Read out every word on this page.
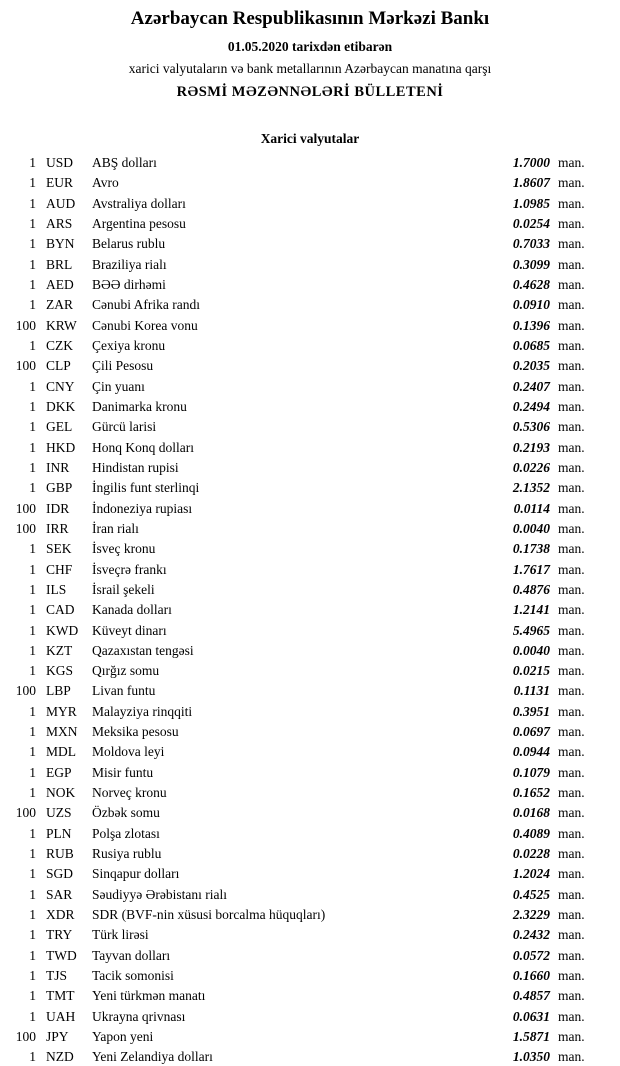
Azərbaycan Respublikasının Mərkəzi Bankı
01.05.2020 tarixdən etibarən
xarici valyutaların və bank metallarının Azərbaycan manatına qarşı
RƏSMİ MƏZƏNNƏLƏRİ BÜLLETENİ
Xarici valyutalar
1 USD	ABŞ dolları	1.7000 man.
1 EUR	Avro	1.8607 man.
1 AUD	Avstraliya dolları	1.0985 man.
1 ARS	Argentina pesosu	0.0254 man.
1 BYN	Belarus rublu	0.7033 man.
1 BRL	Braziliya rialı	0.3099 man.
1 AED	BƏƏ dirhəmi	0.4628 man.
1 ZAR	Cənubi Afrika randı	0.0910 man.
100 KRW	Cənubi Korea vonu	0.1396 man.
1 CZK	Çexiya kronu	0.0685 man.
100 CLP	Çili Pesosu	0.2035 man.
1 CNY	Çin yuanı	0.2407 man.
1 DKK	Danimarka kronu	0.2494 man.
1 GEL	Gürcü larisi	0.5306 man.
1 HKD	Honq Konq dolları	0.2193 man.
1 INR	Hindistan rupisi	0.0226 man.
1 GBP	İngilis funt sterlinqi	2.1352 man.
100 IDR	İndoneziya rupiası	0.0114 man.
100 IRR	İran rialı	0.0040 man.
1 SEK	İsveç kronu	0.1738 man.
1 CHF	İsveçrə frankı	1.7617 man.
1 ILS	İsrail şekeli	0.4876 man.
1 CAD	Kanada dolları	1.2141 man.
1 KWD	Küveyt dinarı	5.4965 man.
1 KZT	Qazaxıstan tengəsi	0.0040 man.
1 KGS	Qırğız somu	0.0215 man.
100 LBP	Livan funtu	0.1131 man.
1 MYR	Malayziya rinqqiti	0.3951 man.
1 MXN	Meksika pesosu	0.0697 man.
1 MDL	Moldova leyi	0.0944 man.
1 EGP	Misir funtu	0.1079 man.
1 NOK	Norveç kronu	0.1652 man.
100 UZS	Özbək somu	0.0168 man.
1 PLN	Polşa zlotası	0.4089 man.
1 RUB	Rusiya rublu	0.0228 man.
1 SGD	Sinqapur dolları	1.2024 man.
1 SAR	Səudiyyə Ərəbistanı rialı	0.4525 man.
1 XDR	SDR (BVF-nin xüsusi borcalma hüquqları)	2.3229 man.
1 TRY	Türk lirəsi	0.2432 man.
1 TWD	Tayvan dolları	0.0572 man.
1 TJS	Tacik somonisi	0.1660 man.
1 TMT	Yeni türkmən manatı	0.4857 man.
1 UAH	Ukrayna qrivnası	0.0631 man.
100 JPY	Yapon yeni	1.5871 man.
1 NZD	Yeni Zelandiya dolları	1.0350 man.
